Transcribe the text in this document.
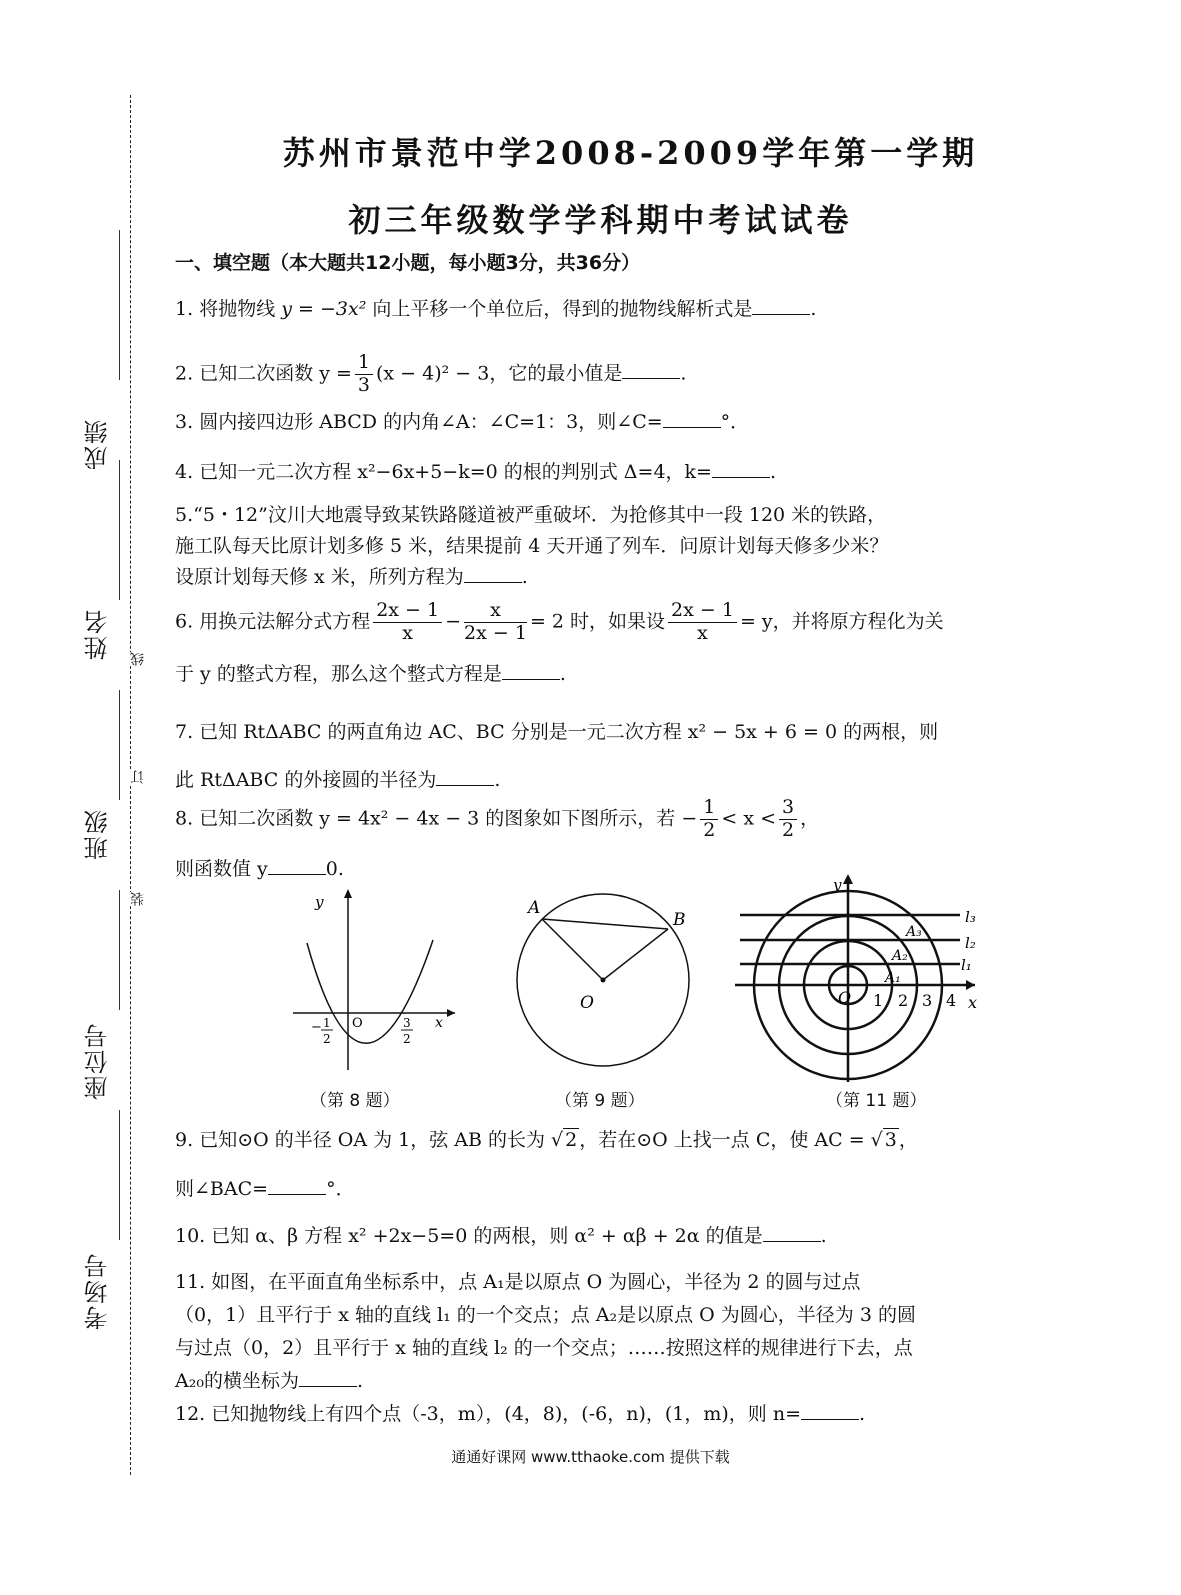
成绩
姓名
班级
座位号
考场号
线
订
装
苏州市景范中学2008-2009学年第一学期
初三年级数学学科期中考试试卷
一、填空题（本大题共12小题，每小题3分，共36分）
1. 将抛物线 y = −3x² 向上平移一个单位后，得到的抛物线解析式是	.
2. 已知二次函数 $y = \frac{1}{3} (x - 4)^2 - 3$，它的最小值是	.
3. 圆内接四边形 ABCD 的内角∠A：∠C=1：3，则∠C=	°．
4. 已知一元二次方程 x²−6x+5−k=0 的根的判别式 Δ=4，k=	.
5.“5・12”汶川大地震导致某铁路隧道被严重破坏．为抢修其中一段 120 米的铁路，
施工队每天比原计划多修 5 米，结果提前 4 天开通了列车．问原计划每天修多少米？
设原计划每天修 x 米，所列方程为	.
6. 用换元法解分式方程 $\frac{2x - 1}{x} - \frac{x}{2x - 1} = 2$ 时，如果设 $\frac{2x - 1}{x} = y$，并将原方程化为关
于 y 的整式方程，那么这个整式方程是	.
7. 已知 RtΔABC 的两直角边 AC、BC 分别是一元二次方程 x² − 5x + 6 = 0 的两根，则
此 RtΔABC 的外接圆的半径为	.
8. 已知二次函数 y = 4x² − 4x − 3 的图象如下图所示，若 − $\frac{1}{2} < x < \frac{3}{2}$ ，
则函数值 y	0.
y
x
O
− 1
2
3
2
（第 8 题）
A
B
O
（第 9 题）
y
x
O 1 2 3 4
l₃
l₂
l₁
A₁
A₂
A₃
（第 11 题）
9. 已知⊙O 的半径 OA 为 1，弦 AB 的长为 √ 2 ，若在⊙O 上找一点 C，使 AC = √ 3 ，
则∠BAC=	°．
10. 已知 α、β 方程 x² +2x−5=0 的两根，则 α² + αβ + 2α 的值是	.
11. 如图，在平面直角坐标系中，点 A₁是以原点 O 为圆心，半径为 2 的圆与过点
（0，1）且平行于 x 轴的直线 l₁ 的一个交点；点 A₂是以原点 O 为圆心，半径为 3 的圆
与过点（0，2）且平行于 x 轴的直线 l₂ 的一个交点；……按照这样的规律进行下去，点
A₂₀的横坐标为	.
12. 已知抛物线上有四个点（-3，m），(4，8)，(-6，n)，(1，m)，则 n=	.
通通好课网 www.tthaoke.com 提供下载
